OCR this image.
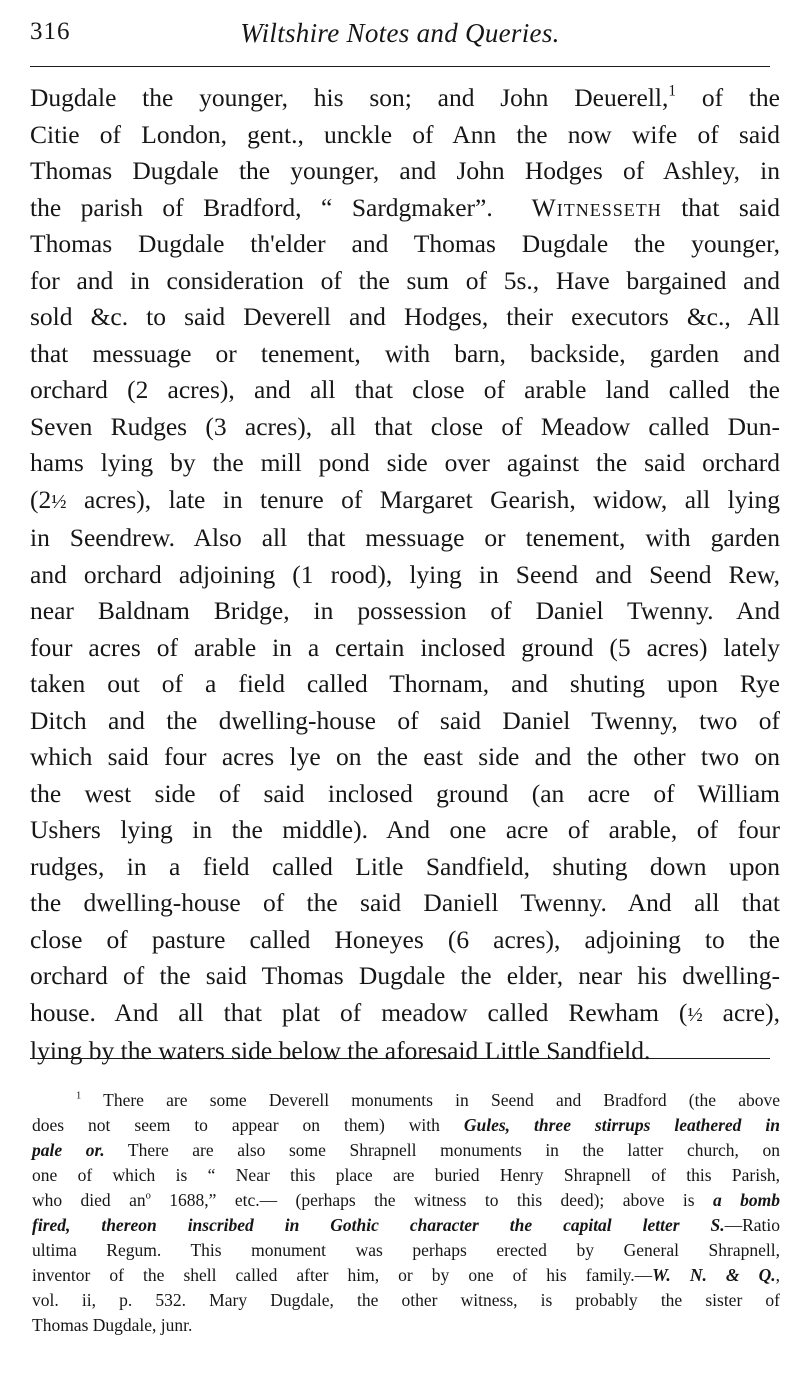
316	Wiltshire Notes and Queries.
Dugdale the younger, his son; and John Deuerell,$^1$ of the
Citie of London, gent., unckle of Ann the now wife of said
Thomas Dugdale the younger, and John Hodges of Ashley, in
the parish of Bradford, “ Sardgmaker”. Witnesseth that said
Thomas Dugdale th'elder and Thomas Dugdale the younger,
for and in consideration of the sum of 5s., Have bargained and
sold &c. to said Deverell and Hodges, their executors &c., All
that messuage or tenement, with barn, backside, garden and
orchard (2 acres), and all that close of arable land called the
Seven Rudges (3 acres), all that close of Meadow called Dun-
hams lying by the mill pond side over against the said orchard
(2½ acres), late in tenure of Margaret Gearish, widow, all lying
in Seendrew. Also all that messuage or tenement, with garden
and orchard adjoining (1 rood), lying in Seend and Seend Rew,
near Baldnam Bridge, in possession of Daniel Twenny. And
four acres of arable in a certain inclosed ground (5 acres) lately
taken out of a field called Thornam, and shuting upon Rye
Ditch and the dwelling-house of said Daniel Twenny, two of
which said four acres lye on the east side and the other two on
the west side of said inclosed ground (an acre of William
Ushers lying in the middle). And one acre of arable, of four
rudges, in a field called Litle Sandfield, shuting down upon
the dwelling-house of the said Daniell Twenny. And all that
close of pasture called Honeyes (6 acres), adjoining to the
orchard of the said Thomas Dugdale the elder, near his dwelling-
house. And all that plat of meadow called Rewham (½ acre),
lying by the waters side below the aforesaid Little Sandfield.
$^1$ There are some Deverell monuments in Seend and Bradford (the above
does not seem to appear on them) with Gules, three stirrups leathered in
pale or. There are also some Shrapnell monuments in the latter church, on
one of which is “ Near this place are buried Henry Shrapnell of this Parish,
who died $an^o$ 1688,” etc.— (perhaps the witness to this deed); above is a bomb
fired, thereon inscribed in Gothic character the capital letter S.—Ratio
ultima Regum. This monument was perhaps erected by General Shrapnell,
inventor of the shell called after him, or by one of his family.—W. N. & Q.,
vol. ii, p. 532. Mary Dugdale, the other witness, is probably the sister of
Thomas Dugdale, junr.
